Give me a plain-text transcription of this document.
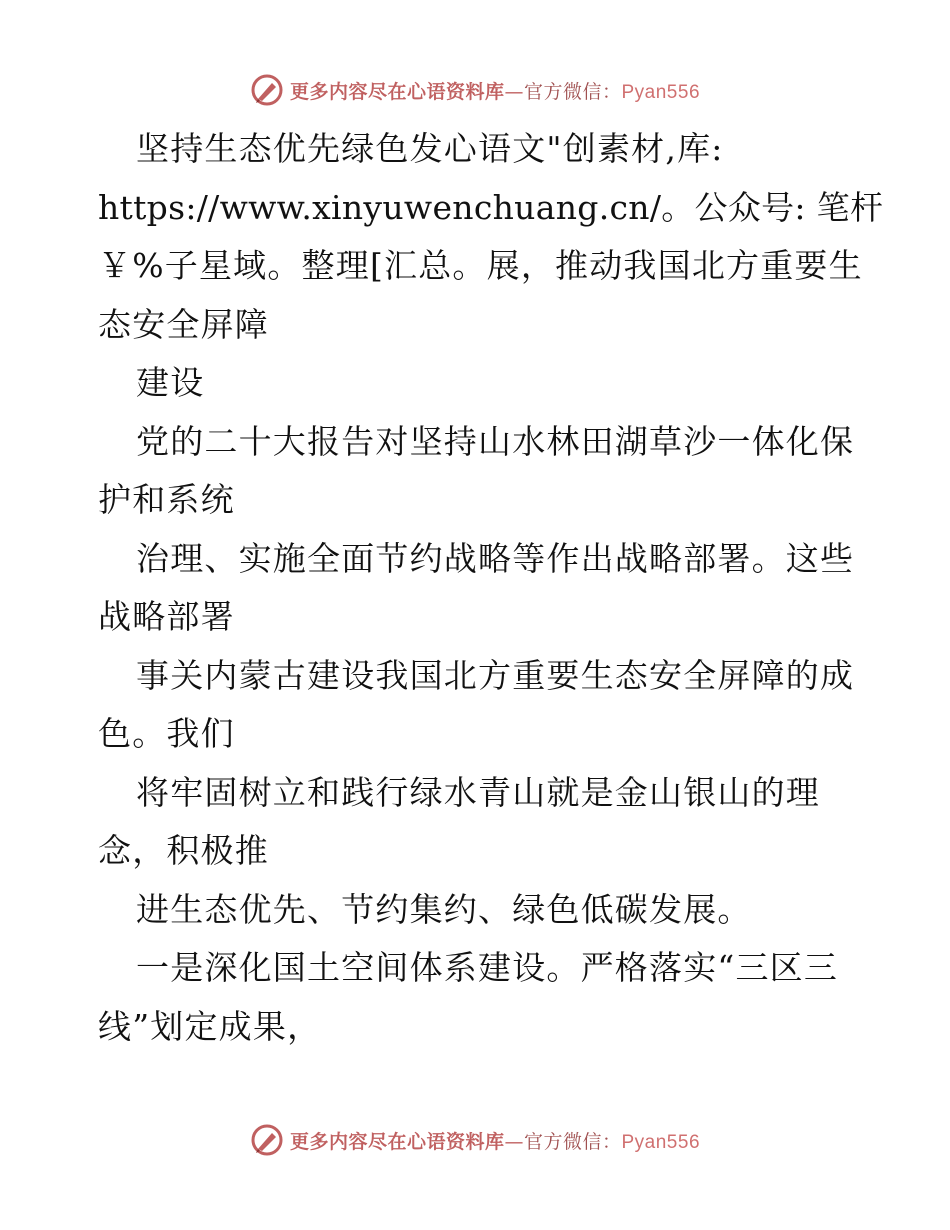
更多内容尽在心语资料库—官方微信：Pyan556
坚持生态优先绿色发心语文"创素材,库:
https://www.xinyuwenchuang.cn/。公众号: 笔杆
￥%子星域。整理[汇总。展，推动我国北方重要生
态安全屏障
建设
党的二十大报告对坚持山水林田湖草沙一体化保
护和系统
治理、实施全面节约战略等作出战略部署。这些
战略部署
事关内蒙古建设我国北方重要生态安全屏障的成
色。我们
将牢固树立和践行绿水青山就是金山银山的理
念，积极推
进生态优先、节约集约、绿色低碳发展。
一是深化国土空间体系建设。严格落实“三区三
线”划定成果，
更多内容尽在心语资料库—官方微信：Pyan556
